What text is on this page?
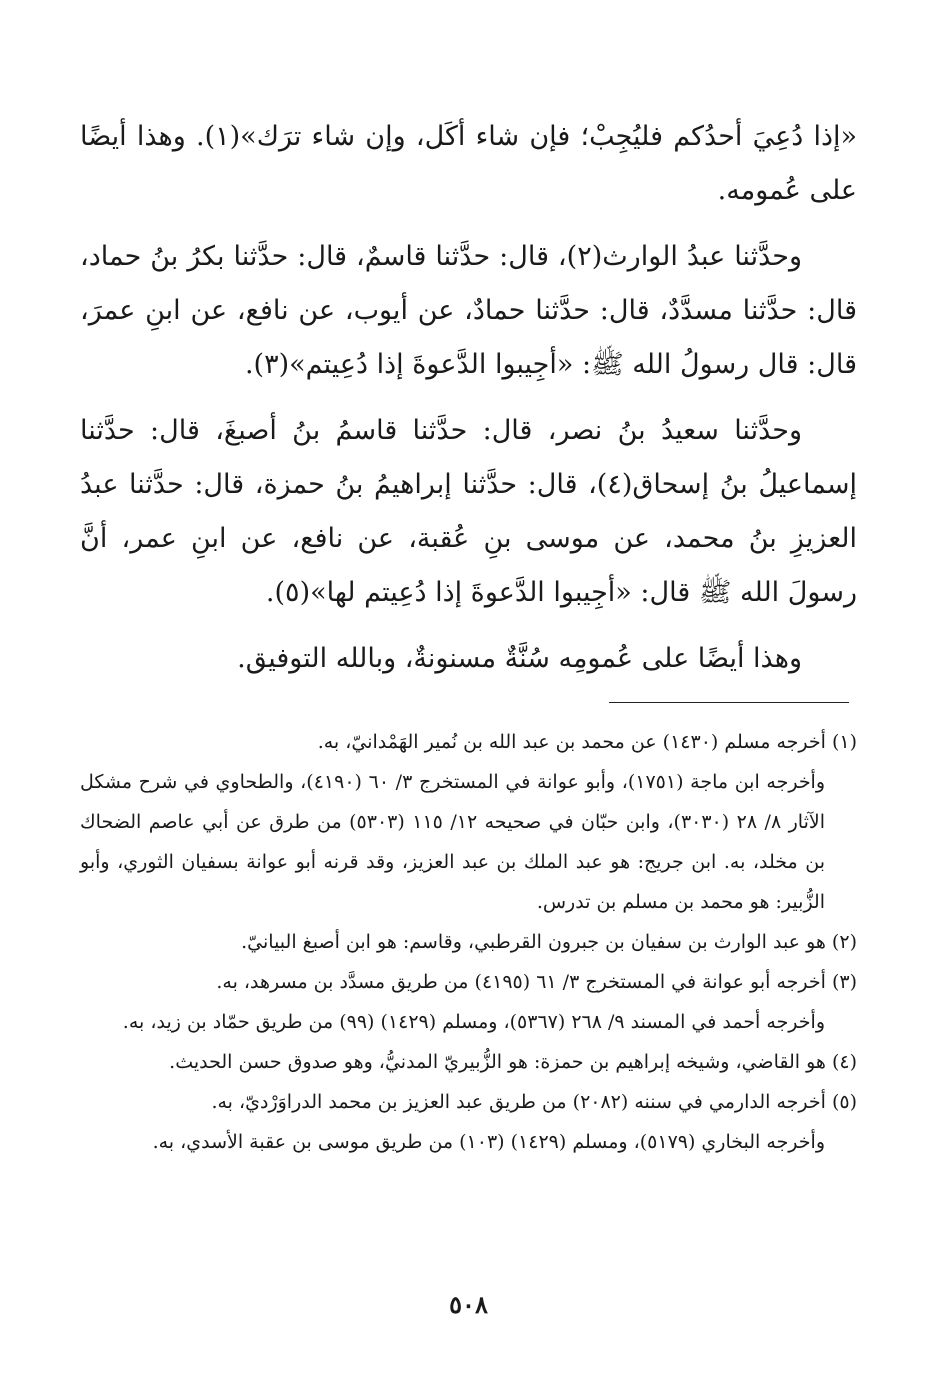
«إذا دُعِيَ أحدُكم فليُجِبْ؛ فإن شاء أكَل، وإن شاء ترَك»(١). وهذا أيضًا على عُمومه.

وحدَّثنا عبدُ الوارث(٢)، قال: حدَّثنا قاسمٌ، قال: حدَّثنا بكرُ بنُ حماد، قال: حدَّثنا مسدَّدٌ، قال: حدَّثنا حمادٌ، عن أيوب، عن نافع، عن ابنِ عمرَ، قال: قال رسولُ الله ﷺ: «أجِيبوا الدَّعوةَ إذا دُعِيتم»(٣).

وحدَّثنا سعيدُ بنُ نصر، قال: حدَّثنا قاسمُ بنُ أصبغَ، قال: حدَّثنا إسماعيلُ بنُ إسحاق(٤)، قال: حدَّثنا إبراهيمُ بنُ حمزة، قال: حدَّثنا عبدُ العزيزِ بنُ محمد، عن موسى بنِ عُقبة، عن نافع، عن ابنِ عمر، أنَّ رسولَ الله ﷺ قال: «أجِيبوا الدَّعوةَ إذا دُعِيتم لها»(٥).

وهذا أيضًا على عُمومِه سُنَّةٌ مسنونةٌ، وبالله التوفيق.

(١) أخرجه مسلم (١٤٣٠) عن محمد بن عبد الله بن نُمير الهَمْدانيّ، به.

وأخرجه ابن ماجة (١٧٥١)، وأبو عوانة في المستخرج ٣/ ٦٠ (٤١٩٠)، والطحاوي في شرح مشكل الآثار ٨/ ٢٨ (٣٠٣٠)، وابن حبّان في صحيحه ١٢/ ١١٥ (٥٣٠٣) من طرق عن أبي عاصم الضحاك بن مخلد، به. ابن جريج: هو عبد الملك بن عبد العزيز، وقد قرنه أبو عوانة بسفيان الثوري، وأبو الزُّبير: هو محمد بن مسلم بن تدرس.

(٢) هو عبد الوارث بن سفيان بن جبرون القرطبي، وقاسم: هو ابن أصبغ البيانيّ.

(٣) أخرجه أبو عوانة في المستخرج ٣/ ٦١ (٤١٩٥) من طريق مسدَّد بن مسرهد، به.

وأخرجه أحمد في المسند ٩/ ٢٦٨ (٥٣٦٧)، ومسلم (١٤٢٩) (٩٩) من طريق حمّاد بن زيد، به.

(٤) هو القاضي، وشيخه إبراهيم بن حمزة: هو الزُّبيريّ المدنيُّ، وهو صدوق حسن الحديث.

(٥) أخرجه الدارمي في سننه (٢٠٨٢) من طريق عبد العزيز بن محمد الدراوَرْديّ، به.

وأخرجه البخاري (٥١٧٩)، ومسلم (١٤٢٩) (١٠٣) من طريق موسى بن عقبة الأسدي، به.

٥٠٨
